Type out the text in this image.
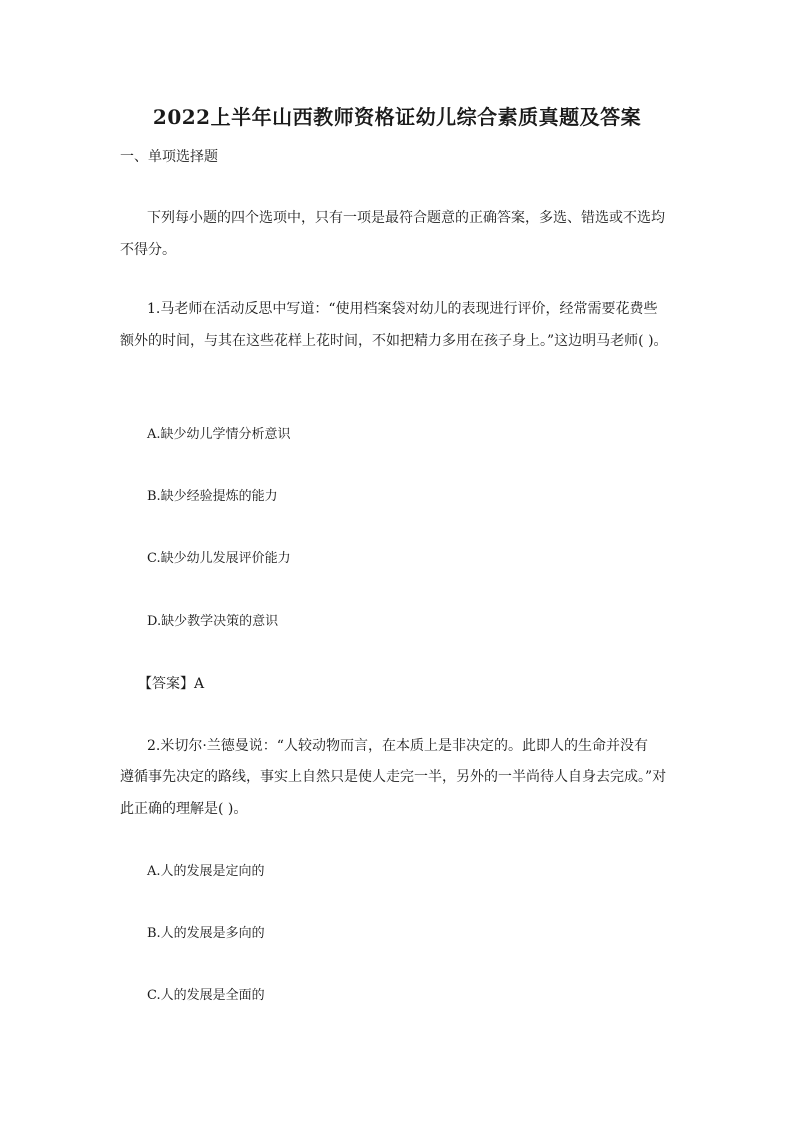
2022上半年山西教师资格证幼儿综合素质真题及答案
一、单项选择题
下列每小题的四个选项中，只有一项是最符合题意的正确答案，多选、错选或不选均
不得分。
1.马老师在活动反思中写道：“使用档案袋对幼儿的表现进行评价，经常需要花费些
额外的时间，与其在这些花样上花时间，不如把精力多用在孩子身上。”这边明马老师( )。
A.缺少幼儿学情分析意识
B.缺少经验提炼的能力
C.缺少幼儿发展评价能力
D.缺少教学决策的意识
【答案】A
2.米切尔·兰德曼说：“人较动物而言，在本质上是非决定的。此即人的生命并没有
遵循事先决定的路线，事实上自然只是使人走完一半，另外的一半尚待人自身去完成。”对
此正确的理解是( )。
A.人的发展是定向的
B.人的发展是多向的
C.人的发展是全面的
